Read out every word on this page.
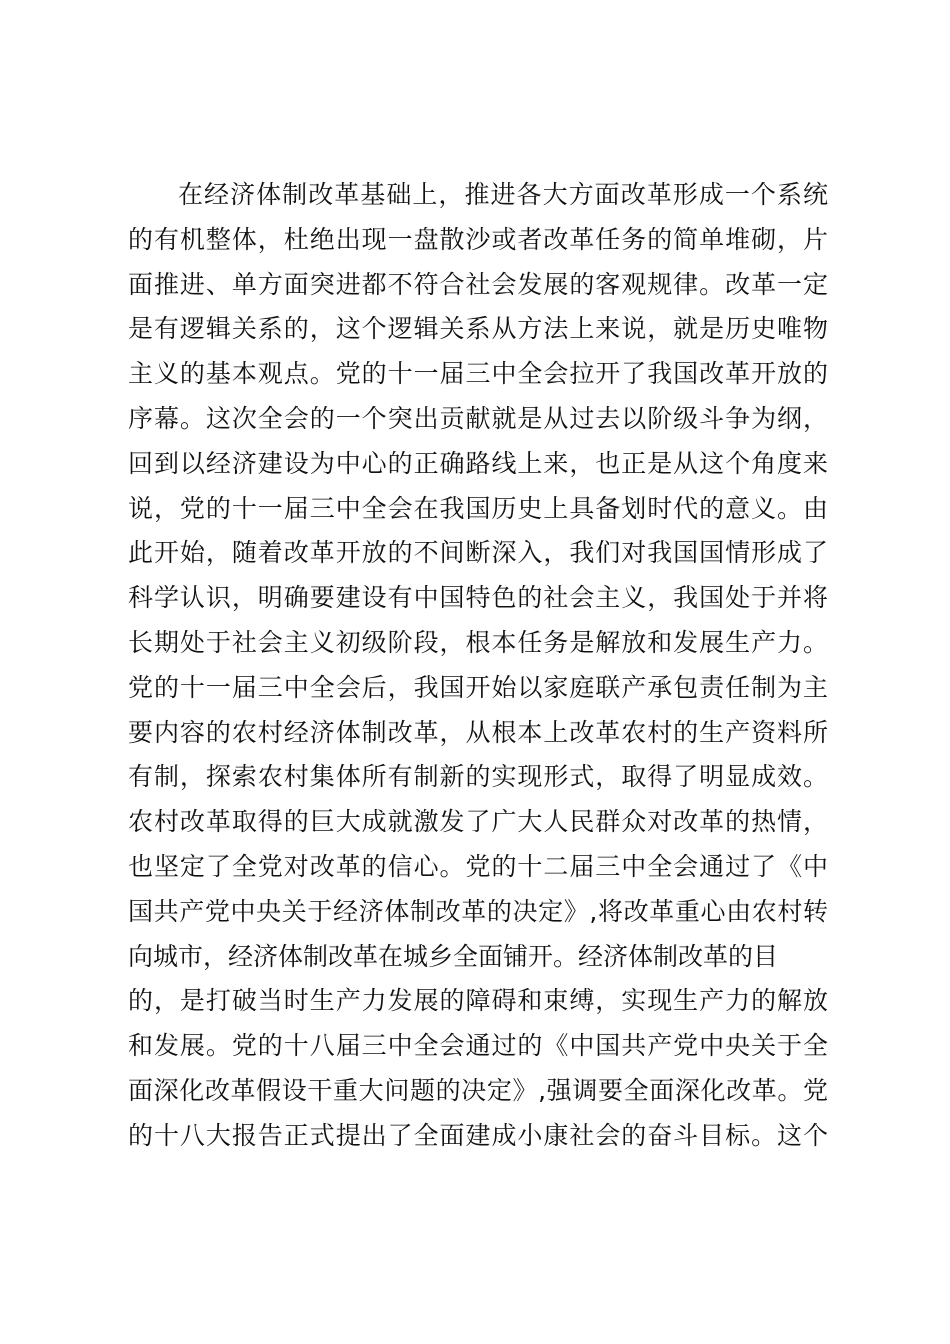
在经济体制改革基础上，推进各大方面改革形成一个系统
的有机整体，杜绝出现一盘散沙或者改革任务的简单堆砌，片
面推进、单方面突进都不符合社会发展的客观规律。改革一定
是有逻辑关系的，这个逻辑关系从方法上来说，就是历史唯物
主义的基本观点。党的十一届三中全会拉开了我国改革开放的
序幕。这次全会的一个突出贡献就是从过去以阶级斗争为纲，
回到以经济建设为中心的正确路线上来，也正是从这个角度来
说，党的十一届三中全会在我国历史上具备划时代的意义。由
此开始，随着改革开放的不间断深入，我们对我国国情形成了
科学认识，明确要建设有中国特色的社会主义，我国处于并将
长期处于社会主义初级阶段，根本任务是解放和发展生产力。
党的十一届三中全会后，我国开始以家庭联产承包责任制为主
要内容的农村经济体制改革，从根本上改革农村的生产资料所
有制，探索农村集体所有制新的实现形式，取得了明显成效。
农村改革取得的巨大成就激发了广大人民群众对改革的热情，
也坚定了全党对改革的信心。党的十二届三中全会通过了《中
国共产党中央关于经济体制改革的决定》,将改革重心由农村转
向城市，经济体制改革在城乡全面铺开。经济体制改革的目
的，是打破当时生产力发展的障碍和束缚，实现生产力的解放
和发展。党的十八届三中全会通过的《中国共产党中央关于全
面深化改革假设干重大问题的决定》,强调要全面深化改革。党
的十八大报告正式提出了全面建成小康社会的奋斗目标。这个
